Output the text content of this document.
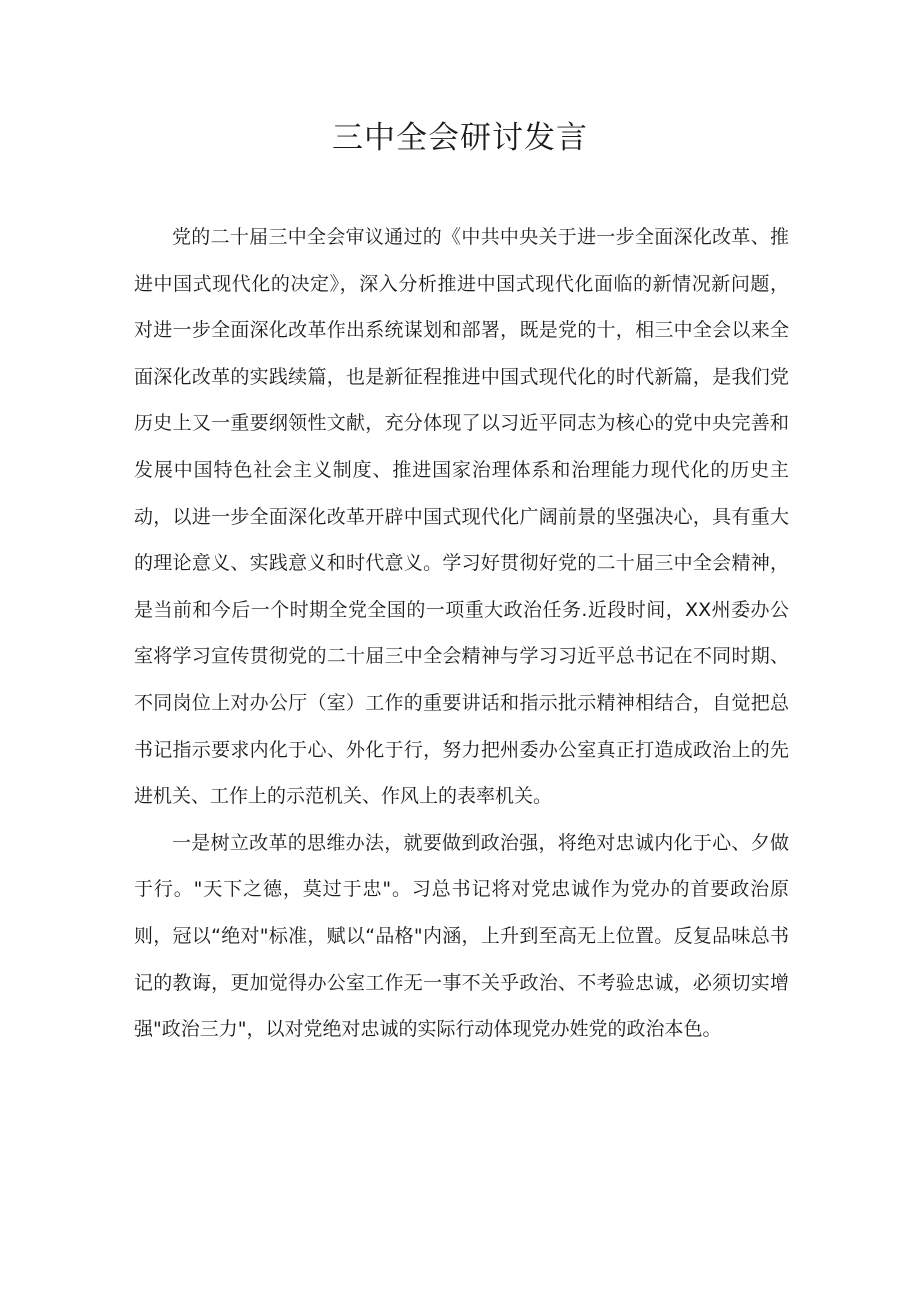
三中全会研讨发言

党的二十届三中全会审议通过的《中共中央关于进一步全面深化改革、推进中国式现代化的决定》，深入分析推进中国式现代化面临的新情况新问题，对进一步全面深化改革作出系统谋划和部署，既是党的十，相三中全会以来全面深化改革的实践续篇，也是新征程推进中国式现代化的时代新篇，是我们党历史上又一重要纲领性文献，充分体现了以习近平同志为核心的党中央完善和发展中国特色社会主义制度、推进国家治理体系和治理能力现代化的历史主动，以进一步全面深化改革开辟中国式现代化广阔前景的坚强决心，具有重大的理论意义、实践意义和时代意义。学习好贯彻好党的二十届三中全会精神，是当前和今后一个时期全党全国的一项重大政治任务.近段时间，XX州委办公室将学习宣传贯彻党的二十届三中全会精神与学习习近平总书记在不同时期、不同岗位上对办公厅（室）工作的重要讲话和指示批示精神相结合，自觉把总书记指示要求内化于心、外化于行，努力把州委办公室真正打造成政治上的先进机关、工作上的示范机关、作风上的表率机关。

一是树立改革的思维办法，就要做到政治强，将绝对忠诚内化于心、夕做于行。"天下之德，莫过于忠"。习总书记将对党忠诚作为党办的首要政治原则，冠以“绝对"标准，赋以“品格"内涵，上升到至高无上位置。反复品味总书记的教诲，更加觉得办公室工作无一事不关乎政治、不考验忠诚，必须切实增强"政治三力"，以对党绝对忠诚的实际行动体现党办姓党的政治本色。
